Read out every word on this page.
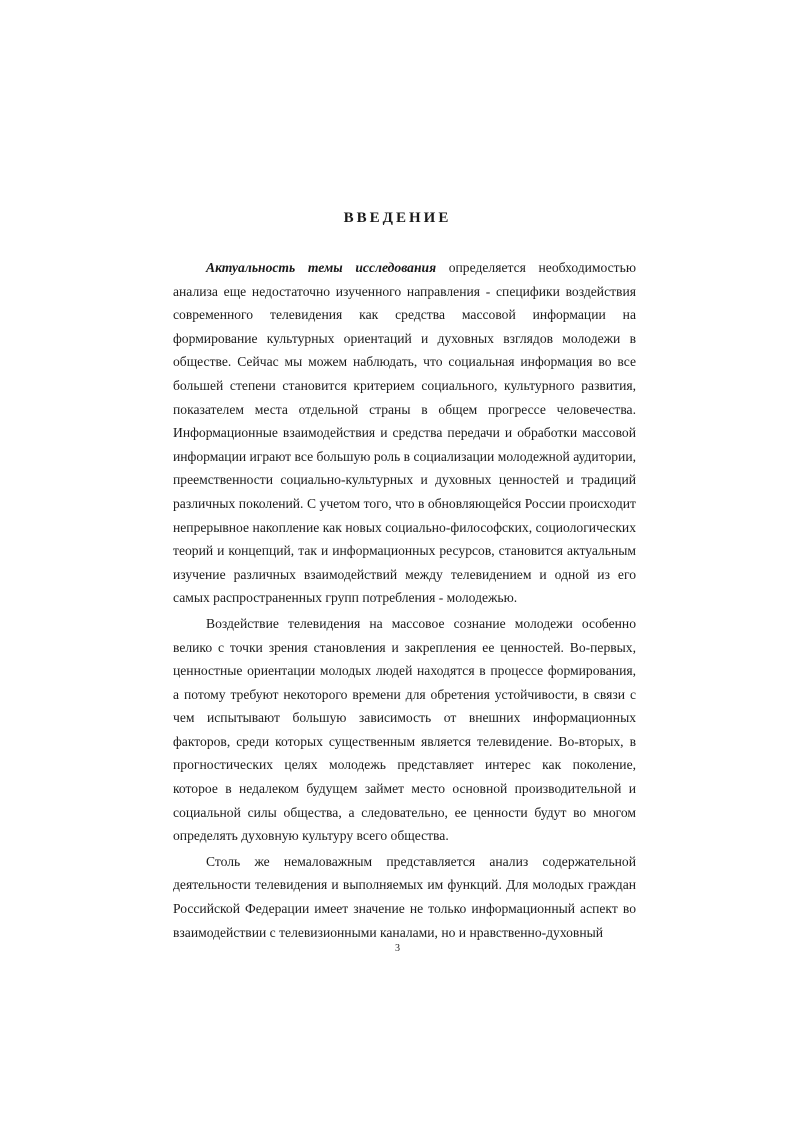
ВВЕДЕНИЕ

Актуальность темы исследования определяется необходимостью анализа еще недостаточно изученного направления - специфики воздействия современного телевидения как средства массовой информации на формирование культурных ориентаций и духовных взглядов молодежи в обществе. Сейчас мы можем наблюдать, что социальная информация во все большей степени становится критерием социального, культурного развития, показателем места отдельной страны в общем прогрессе человечества. Информационные взаимодействия и средства передачи и обработки массовой информации играют все большую роль в социализации молодежной аудитории, преемственности социально-культурных и духовных ценностей и традиций различных поколений. С учетом того, что в обновляющейся России происходит непрерывное накопление как новых социально-философских, социологических теорий и концепций, так и информационных ресурсов, становится актуальным изучение различных взаимодействий между телевидением и одной из его самых распространенных групп потребления - молодежью.

Воздействие телевидения на массовое сознание молодежи особенно велико с точки зрения становления и закрепления ее ценностей. Во-первых, ценностные ориентации молодых людей находятся в процессе формирования, а потому требуют некоторого времени для обретения устойчивости, в связи с чем испытывают большую зависимость от внешних информационных факторов, среди которых существенным является телевидение. Во-вторых, в прогностических целях молодежь представляет интерес как поколение, которое в недалеком будущем займет место основной производительной и социальной силы общества, а следовательно, ее ценности будут во многом определять духовную культуру всего общества.

Столь же немаловажным представляется анализ содержательной деятельности телевидения и выполняемых им функций. Для молодых граждан Российской Федерации имеет значение не только информационный аспект во взаимодействии с телевизионными каналами, но и нравственно-духовный

3
